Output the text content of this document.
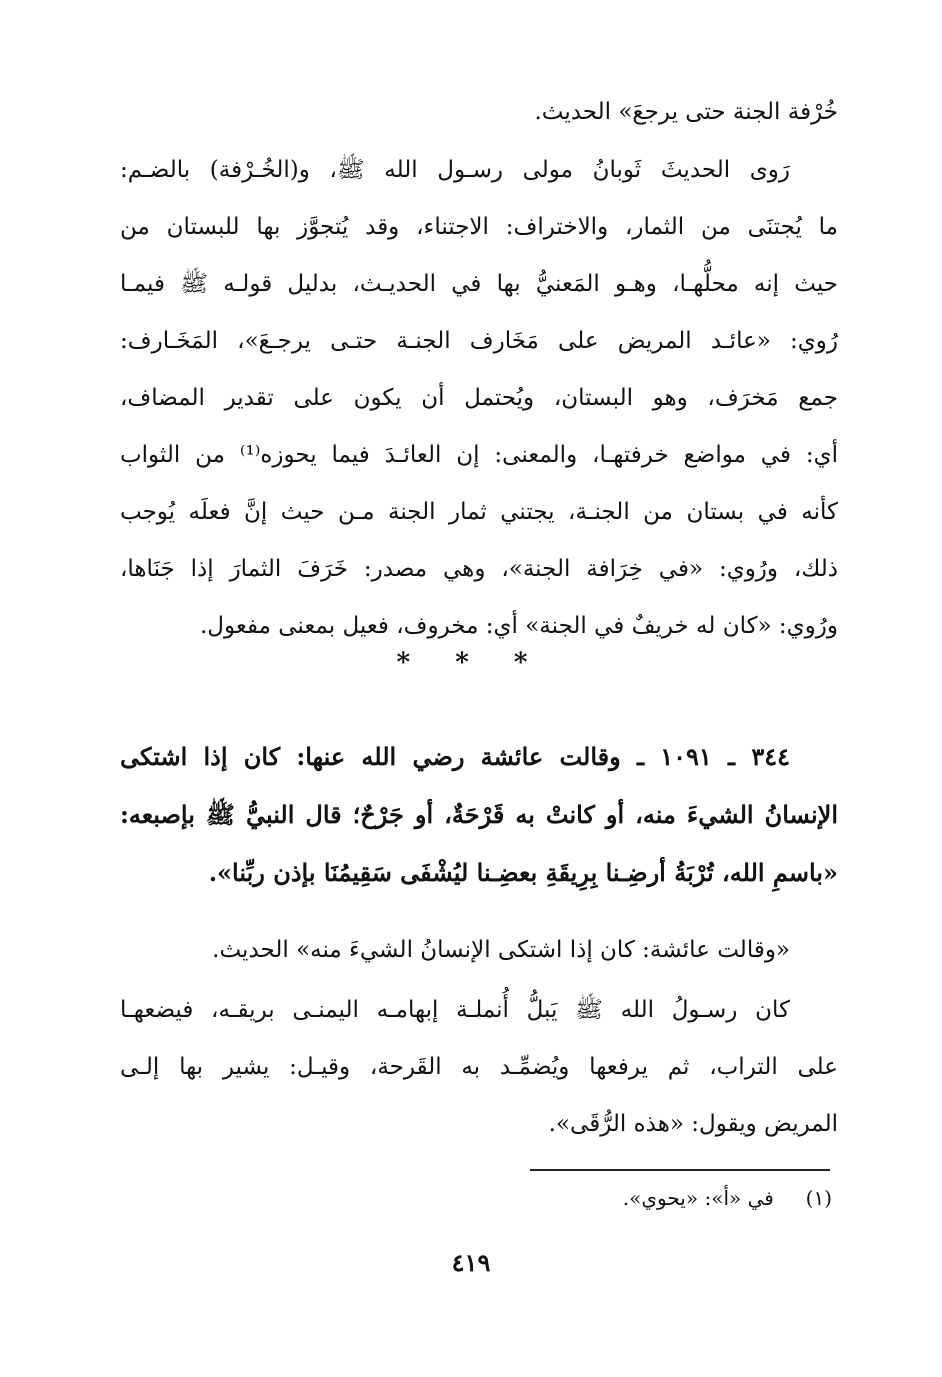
خُرْفة الجنة حتى يرجعَ» الحديث.
رَوى الحديثَ ثَوبانُ مولى رسـول الله ﷺ، و(الخُـرْفة) بالضـم:
ما يُجتنَى من الثمار، والاختراف: الاجتناء، وقد يُتجوَّز بها للبستان من
حيث إنه محلُّهـا، وهـو المَعنيُّ بها في الحديـث، بدليل قولـه ﷺ فيمـا
رُوي: «عائـد المريض على مَخَارف الجنـة حتـى يرجـعَ»، المَخَـارف:
جمع مَخرَف، وهو البستان، ويُحتمل أن يكون على تقدير المضاف،
أي: في مواضع خرفتهـا، والمعنى: إن العائـدَ فيما يحوزه⁽¹⁾ من الثواب
كأنه في بستان من الجنـة، يجتني ثمار الجنة مـن حيث إنَّ فعلَه يُوجب
ذلك، ورُوي: «في خِرَافة الجنة»، وهي مصدر: خَرَفَ الثمارَ إذا جَنَاها،
ورُوي: «كان له خريفٌ في الجنة» أي: مخروف، فعيل بمعنى مفعول.
* * *
٣٤٤ ـ ١٠٩١ ـ وقالت عائشة رضي الله عنها: كان إذا اشتكى
الإنسانُ الشيءَ منه، أو كانتْ به قَرْحَةٌ، أو جَرْحٌ؛ قال النبيُّ ﷺ بإصبعه:
«باسمِ الله، تُرْبَةُ أرضِـنا بِرِيقَةِ بعضِـنا ليُشْفَى سَقِيمُنَا بإذن ربِّنا».
«وقالت عائشة: كان إذا اشتكى الإنسانُ الشيءَ منه» الحديث.
كان رسـولُ الله ﷺ يَبلُّ أُنملـة إبهامـه اليمنـى بريقـه، فيضعهـا
على التراب، ثم يرفعها ويُضمِّـد به القَرحة، وقيـل: يشير بها إلـى
المريض ويقول: «هذه الرُّقَى».
(١)     في «أ»: «يحوي».
٤١٩
